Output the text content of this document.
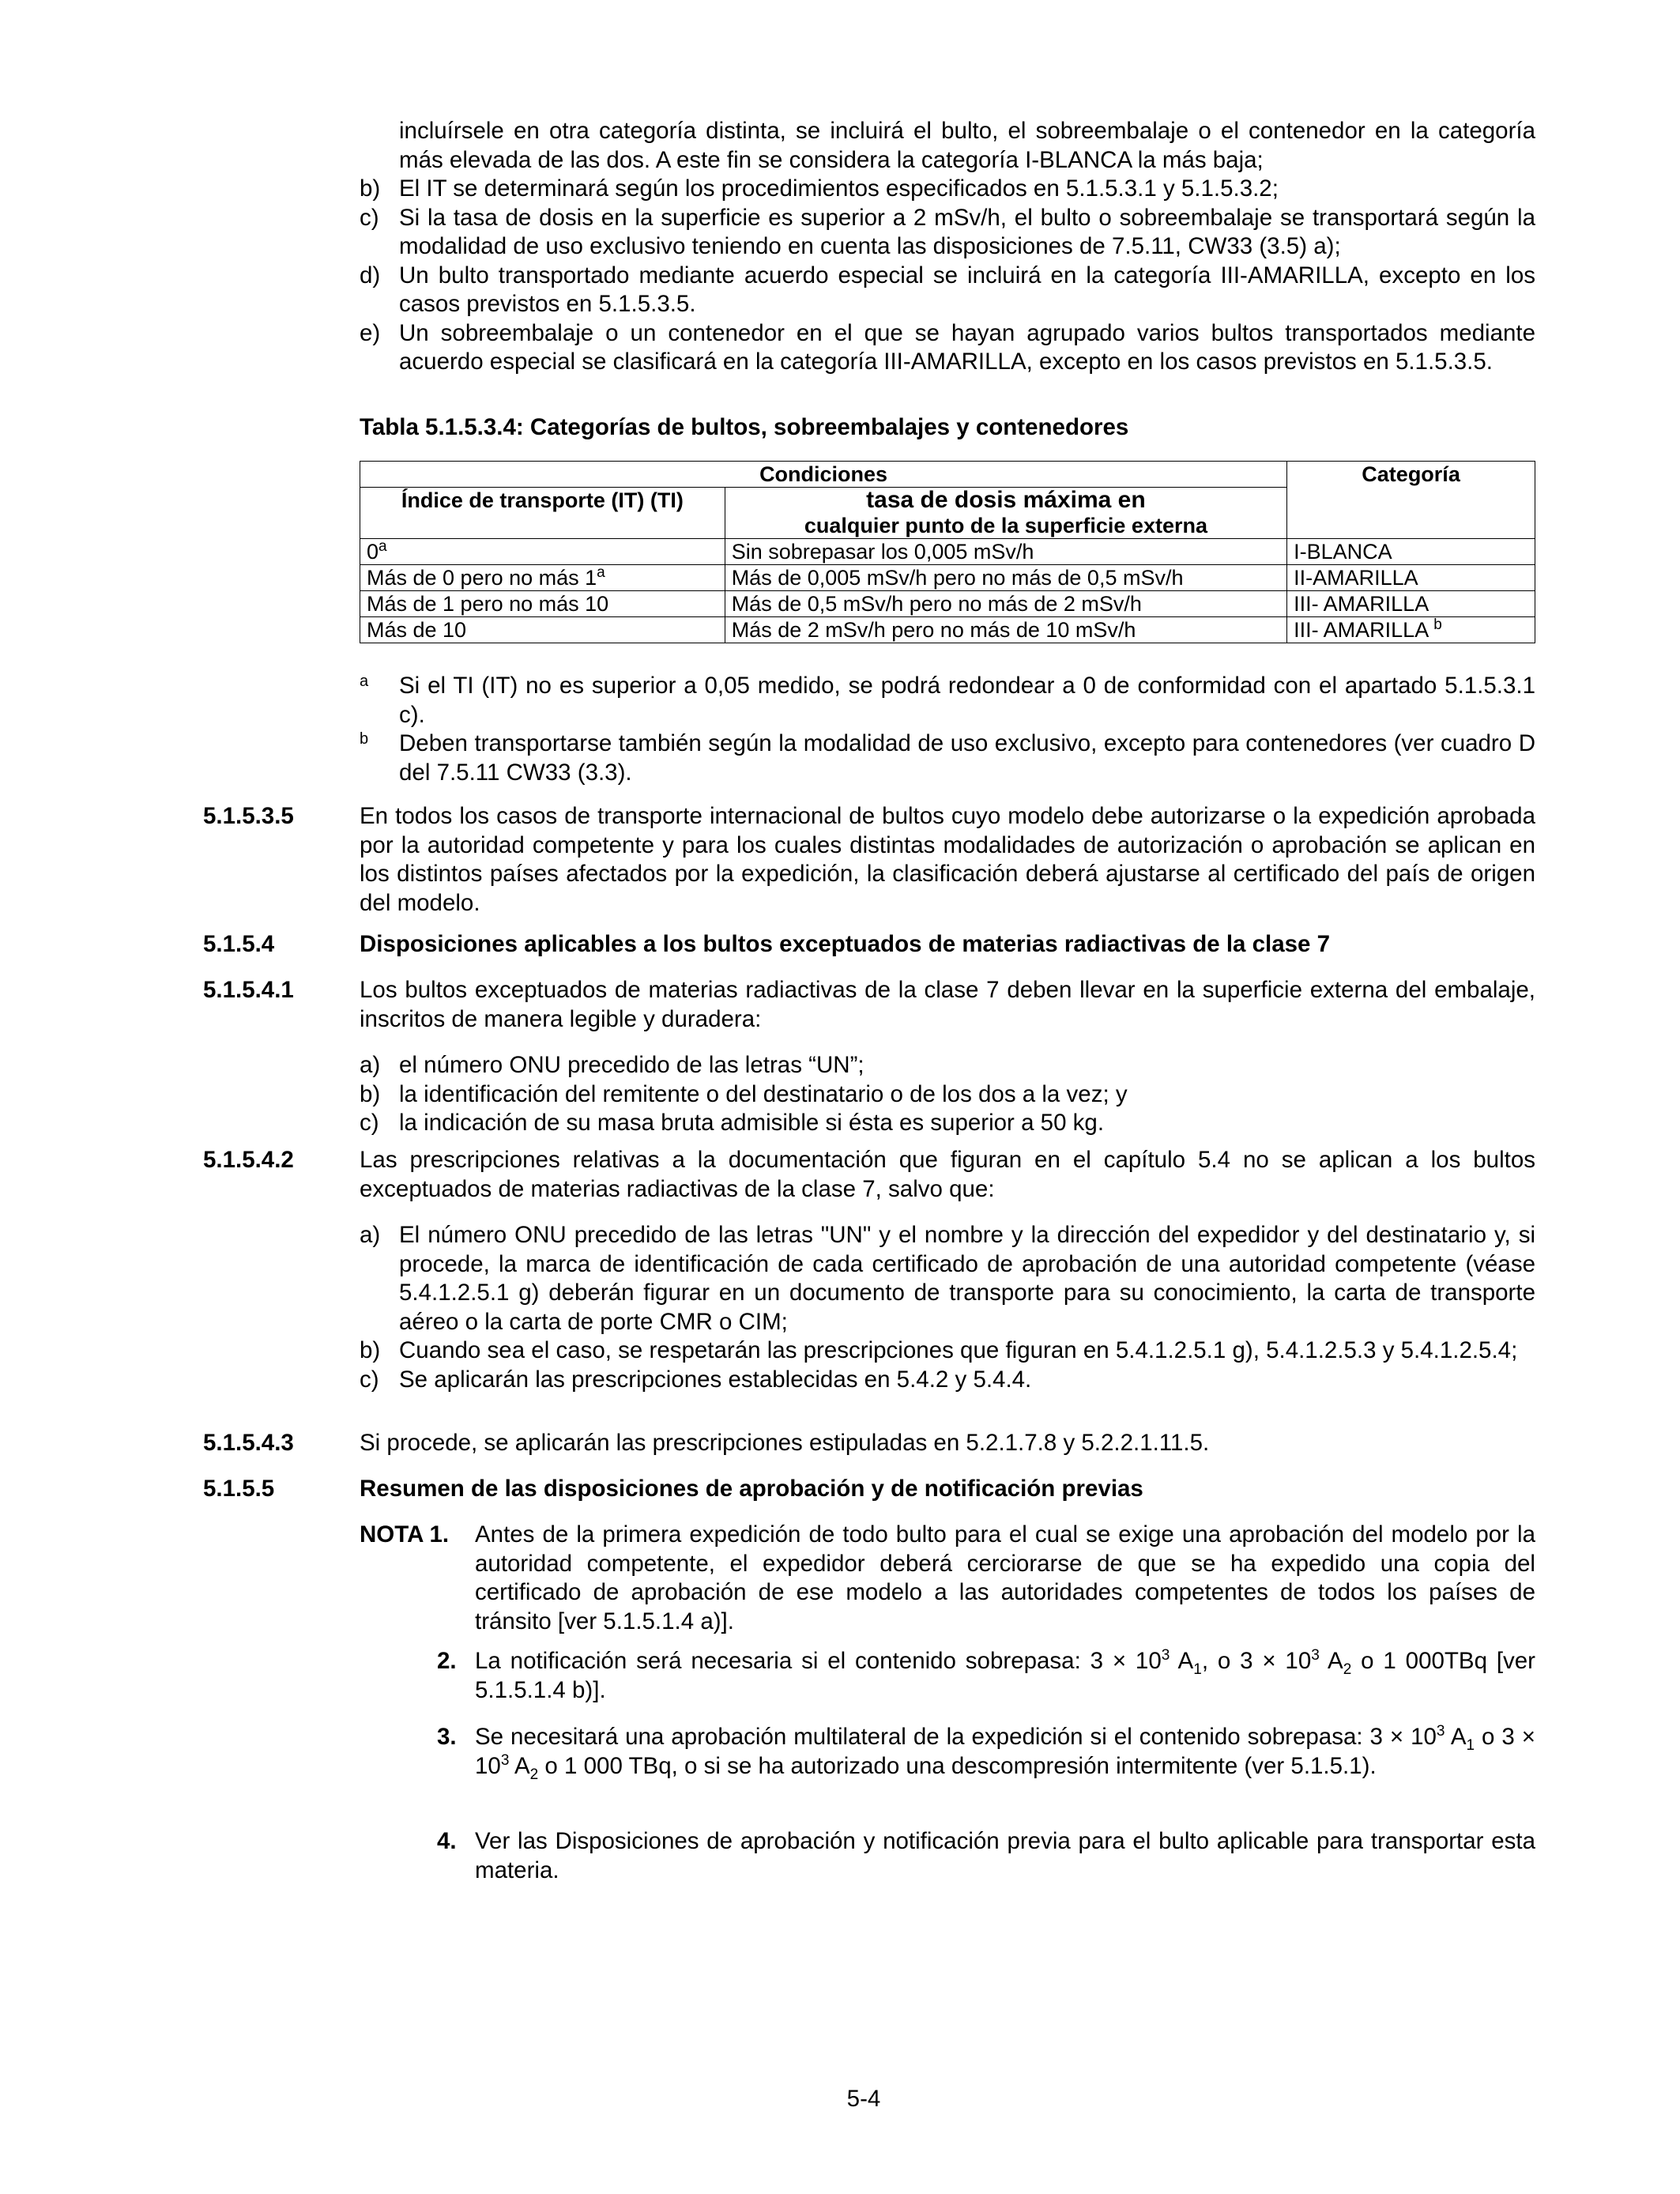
incluírsele en otra categoría distinta, se incluirá el bulto, el sobreembalaje o el contenedor en la categoría más elevada de las dos. A este fin se considera la categoría I-BLANCA la más baja;
b) El IT se determinará según los procedimientos especificados en 5.1.5.3.1 y 5.1.5.3.2;
c) Si la tasa de dosis en la superficie es superior a 2 mSv/h, el bulto o sobreembalaje se transportará según la modalidad de uso exclusivo teniendo en cuenta las disposiciones de 7.5.11, CW33 (3.5) a);
d) Un bulto transportado mediante acuerdo especial se incluirá en la categoría III-AMARILLA, excepto en los casos previstos en 5.1.5.3.5.
e) Un sobreembalaje o un contenedor en el que se hayan agrupado varios bultos transportados mediante acuerdo especial se clasificará en la categoría III-AMARILLA, excepto en los casos previstos en 5.1.5.3.5.
Tabla 5.1.5.3.4: Categorías de bultos, sobreembalajes y contenedores
Condiciones		Categoría
Índice de transporte (IT) (TI)	tasa de dosis máxima en
cualquier punto de la superficie externa	

0$^a$	Sin sobrepasar los 0,005 mSv/h	I-BLANCA
Más de 0 pero no más 1$^a$	Más de 0,005 mSv/h pero no más de 0,5 mSv/h	II-AMARILLA
Más de 1 pero no más 10	Más de 0,5 mSv/h pero no más de 2 mSv/h	III- AMARILLA
Más de 10	Más de 2 mSv/h pero no más de 10 mSv/h	III- AMARILLA $^b$
a Si el TI (IT) no es superior a 0,05 medido, se podrá redondear a 0 de conformidad con el apartado 5.1.5.3.1 c).
b Deben transportarse también según la modalidad de uso exclusivo, excepto para contenedores (ver cuadro D del 7.5.11 CW33 (3.3).
5.1.5.3.5	En todos los casos de transporte internacional de bultos cuyo modelo debe autorizarse o la expedición aprobada por la autoridad competente y para los cuales distintas modalidades de autorización o aprobación se aplican en los distintos países afectados por la expedición, la clasificación deberá ajustarse al certificado del país de origen del modelo.
5.1.5.4	Disposiciones aplicables a los bultos exceptuados de materias radiactivas de la clase 7
5.1.5.4.1	Los bultos exceptuados de materias radiactivas de la clase 7 deben llevar en la superficie externa del embalaje, inscritos de manera legible y duradera:
a) el número ONU precedido de las letras “UN”;
b) la identificación del remitente o del destinatario o de los dos a la vez; y
c) la indicación de su masa bruta admisible si ésta es superior a 50 kg.
5.1.5.4.2	Las prescripciones relativas a la documentación que figuran en el capítulo 5.4 no se aplican a los bultos exceptuados de materias radiactivas de la clase 7, salvo que:
a) El número ONU precedido de las letras "UN" y el nombre y la dirección del expedidor y del destinatario y, si procede, la marca de identificación de cada certificado de aprobación de una autoridad competente (véase 5.4.1.2.5.1 g) deberán figurar en un documento de transporte para su conocimiento, la carta de transporte aéreo o la carta de porte CMR o CIM;
b) Cuando sea el caso, se respetarán las prescripciones que figuran en 5.4.1.2.5.1 g), 5.4.1.2.5.3 y 5.4.1.2.5.4;
c) Se aplicarán las prescripciones establecidas en 5.4.2 y 5.4.4.
5.1.5.4.3	Si procede, se aplicarán las prescripciones estipuladas en 5.2.1.7.8 y 5.2.2.1.11.5.
5.1.5.5	Resumen de las disposiciones de aprobación y de notificación previas
NOTA 1. Antes de la primera expedición de todo bulto para el cual se exige una aprobación del modelo por la autoridad competente, el expedidor deberá cerciorarse de que se ha expedido una copia del certificado de aprobación de ese modelo a las autoridades competentes de todos los países de tránsito [ver 5.1.5.1.4 a)].
2. La notificación será necesaria si el contenido sobrepasa: $3 \times 10^3$ $A_1$, o $3 \times 10^3$ $A_2$ o 1 000TBq [ver 5.1.5.1.4 b)].
3. Se necesitará una aprobación multilateral de la expedición si el contenido sobrepasa: $3 \times 10^3$ $A_1$ o $3 \times 10^3$ $A_2$ o 1 000 TBq, o si se ha autorizado una descompresión intermitente (ver 5.1.5.1).
4. Ver las Disposiciones de aprobación y notificación previa para el bulto aplicable para transportar esta materia.
5-4
